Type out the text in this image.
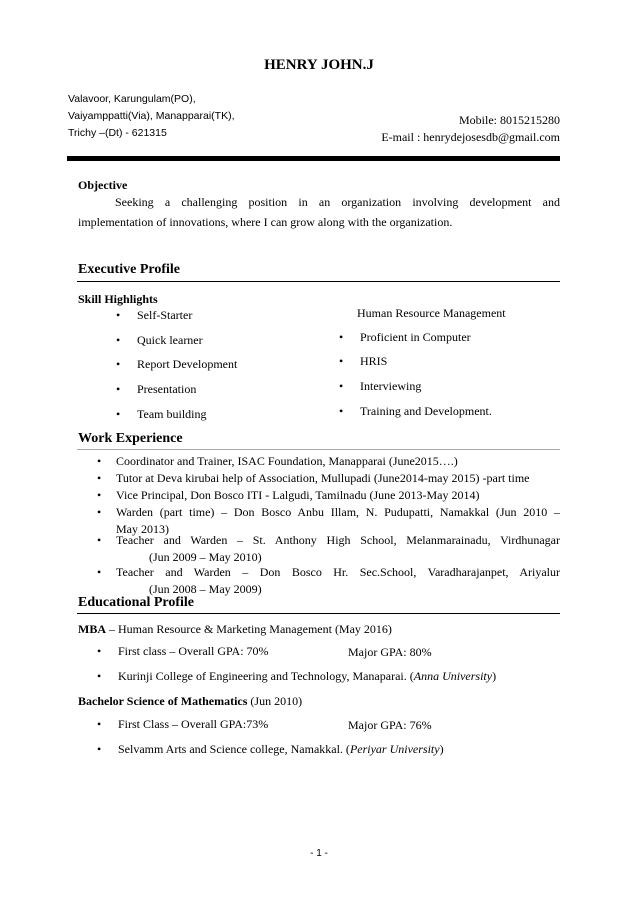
HENRY JOHN.J
Valavoor, Karungulam(PO),
Vaiyamppatti(Via), Manapparai(TK),
Trichy –(Dt) - 621315
Mobile: 8015215280
E-mail : henrydejosesdb@gmail.com
Objective
Seeking a challenging position in an organization involving development and
implementation of innovations, where I can grow along with the organization.
Executive Profile
Skill Highlights
• Self-Starter
• Quick learner
• Report Development
• Presentation
• Team building
Human Resource Management
• Proficient in Computer
• HRIS
• Interviewing
• Training and Development.
Work Experience
• Coordinator and Trainer, ISAC Foundation, Manapparai (June2015….)
• Tutor at Deva kirubai help of Association, Mullupadi (June2014-may 2015) -part time
• Vice Principal, Don Bosco ITI - Lalgudi, Tamilnadu (June 2013-May 2014)
• Warden (part time) – Don Bosco Anbu Illam, N. Pudupatti, Namakkal (Jun 2010 –
May 2013)
• Teacher and Warden – St. Anthony High School, Melanmarainadu, Virdhunagar
(Jun 2009 – May 2010)
• Teacher and Warden – Don Bosco Hr. Sec.School, Varadharajanpet, Ariyalur
(Jun 2008 – May 2009)
Educational Profile
MBA – Human Resource & Marketing Management (May 2016)
• First class – Overall GPA: 70%	Major GPA: 80%
• Kurinji College of Engineering and Technology, Manaparai. (Anna University)
Bachelor Science of Mathematics (Jun 2010)
• First Class – Overall GPA:73%	Major GPA: 76%
• Selvamm Arts and Science college, Namakkal. (Periyar University)
- 1 -
